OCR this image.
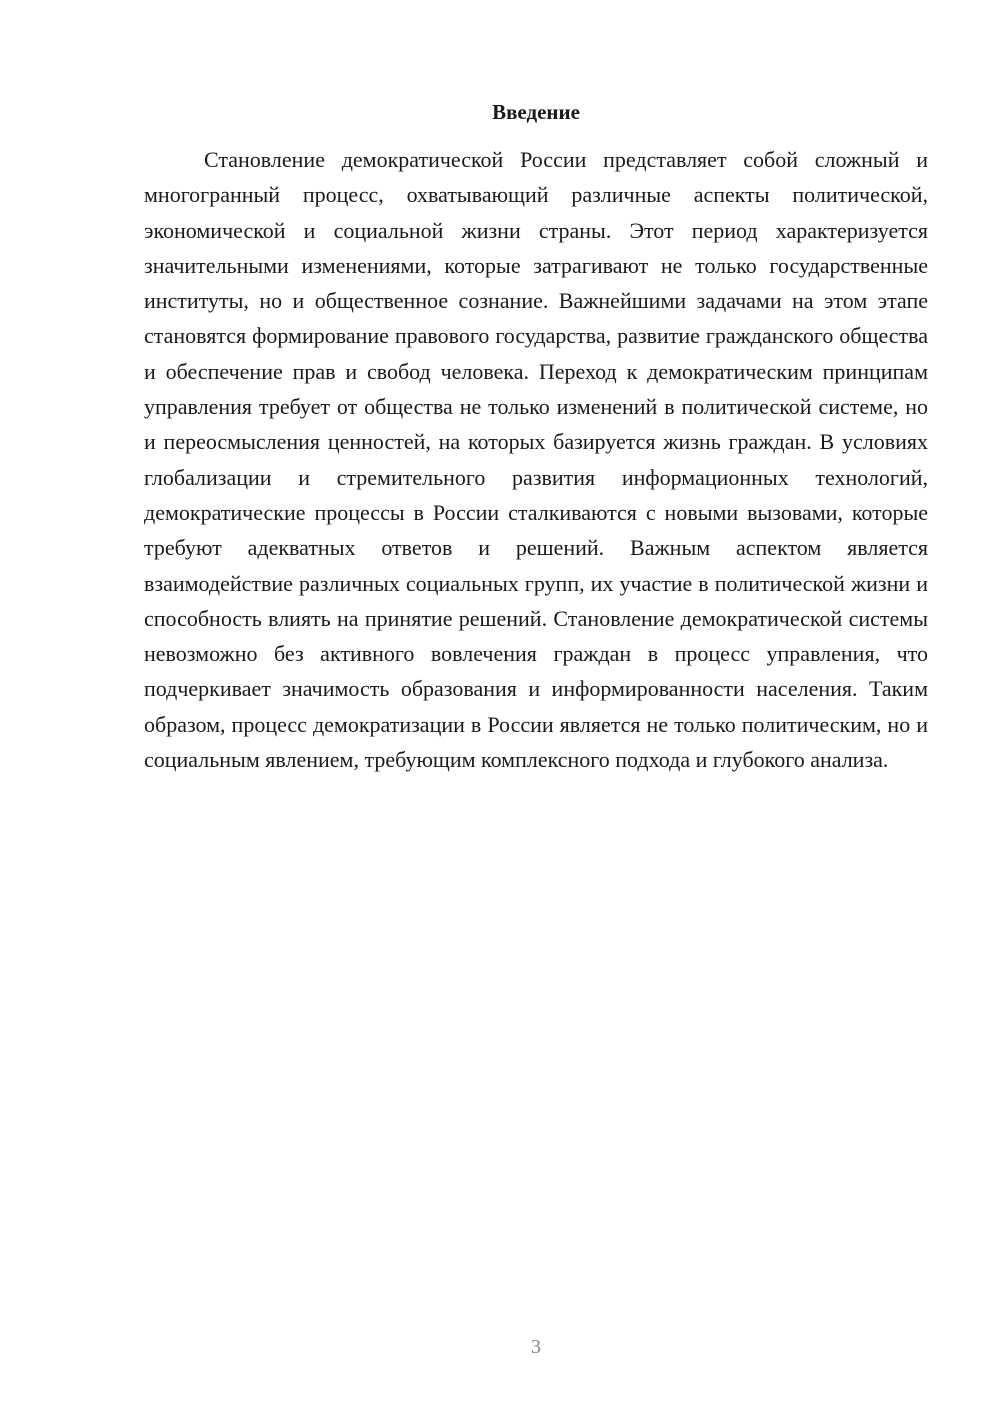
Введение

Становление демократической России представляет собой сложный и многогранный процесс, охватывающий различные аспекты политической, экономической и социальной жизни страны. Этот период характеризуется значительными изменениями, которые затрагивают не только государственные институты, но и общественное сознание. Важнейшими задачами на этом этапе становятся формирование правового государства, развитие гражданского общества и обеспечение прав и свобод человека. Переход к демократическим принципам управления требует от общества не только изменений в политической системе, но и переосмысления ценностей, на которых базируется жизнь граждан. В условиях глобализации и стремительного развития информационных технологий, демократические процессы в России сталкиваются с новыми вызовами, которые требуют адекватных ответов и решений. Важным аспектом является взаимодействие различных социальных групп, их участие в политической жизни и способность влиять на принятие решений. Становление демократической системы невозможно без активного вовлечения граждан в процесс управления, что подчеркивает значимость образования и информированности населения. Таким образом, процесс демократизации в России является не только политическим, но и социальным явлением, требующим комплексного подхода и глубокого анализа.

3
